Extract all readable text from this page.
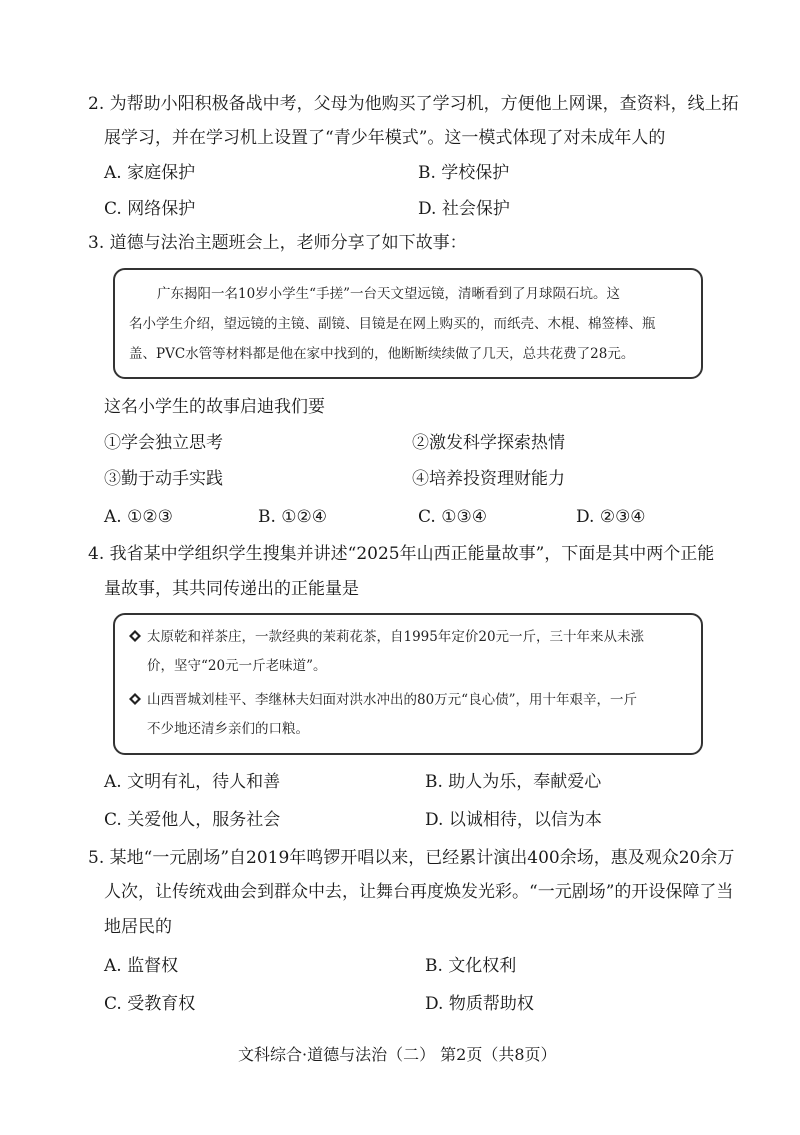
2. 为帮助小阳积极备战中考，父母为他购买了学习机，方便他上网课，查资料，线上拓
展学习，并在学习机上设置了“青少年模式”。这一模式体现了对未成年人的
A. 家庭保护	B. 学校保护
C. 网络保护	D. 社会保护
3. 道德与法治主题班会上，老师分享了如下故事：
广东揭阳一名10岁小学生“手搓”一台天文望远镜，清晰看到了月球陨石坑。这
名小学生介绍，望远镜的主镜、副镜、目镜是在网上购买的，而纸壳、木棍、棉签棒、瓶
盖、PVC水管等材料都是他在家中找到的，他断断续续做了几天，总共花费了28元。
这名小学生的故事启迪我们要
①学会独立思考	②激发科学探索热情
③勤于动手实践	④培养投资理财能力
A. ①②③	B. ①②④	C. ①③④	D. ②③④
4. 我省某中学组织学生搜集并讲述“2025年山西正能量故事”，下面是其中两个正能
量故事，其共同传递出的正能量是
太原乾和祥茶庄，一款经典的茉莉花茶，自1995年定价20元一斤，三十年来从未涨
价，坚守“20元一斤老味道”。
山西晋城刘桂平、李继林夫妇面对洪水冲出的80万元“良心债”，用十年艰辛，一斤
不少地还清乡亲们的口粮。
A. 文明有礼，待人和善	B. 助人为乐，奉献爱心
C. 关爱他人，服务社会	D. 以诚相待，以信为本
5. 某地“一元剧场”自2019年鸣锣开唱以来，已经累计演出400余场，惠及观众20余万
人次，让传统戏曲会到群众中去，让舞台再度焕发光彩。“一元剧场”的开设保障了当
地居民的
A. 监督权	B. 文化权利
C. 受教育权	D. 物质帮助权
文科综合·道德与法治（二） 第2页（共8页）
